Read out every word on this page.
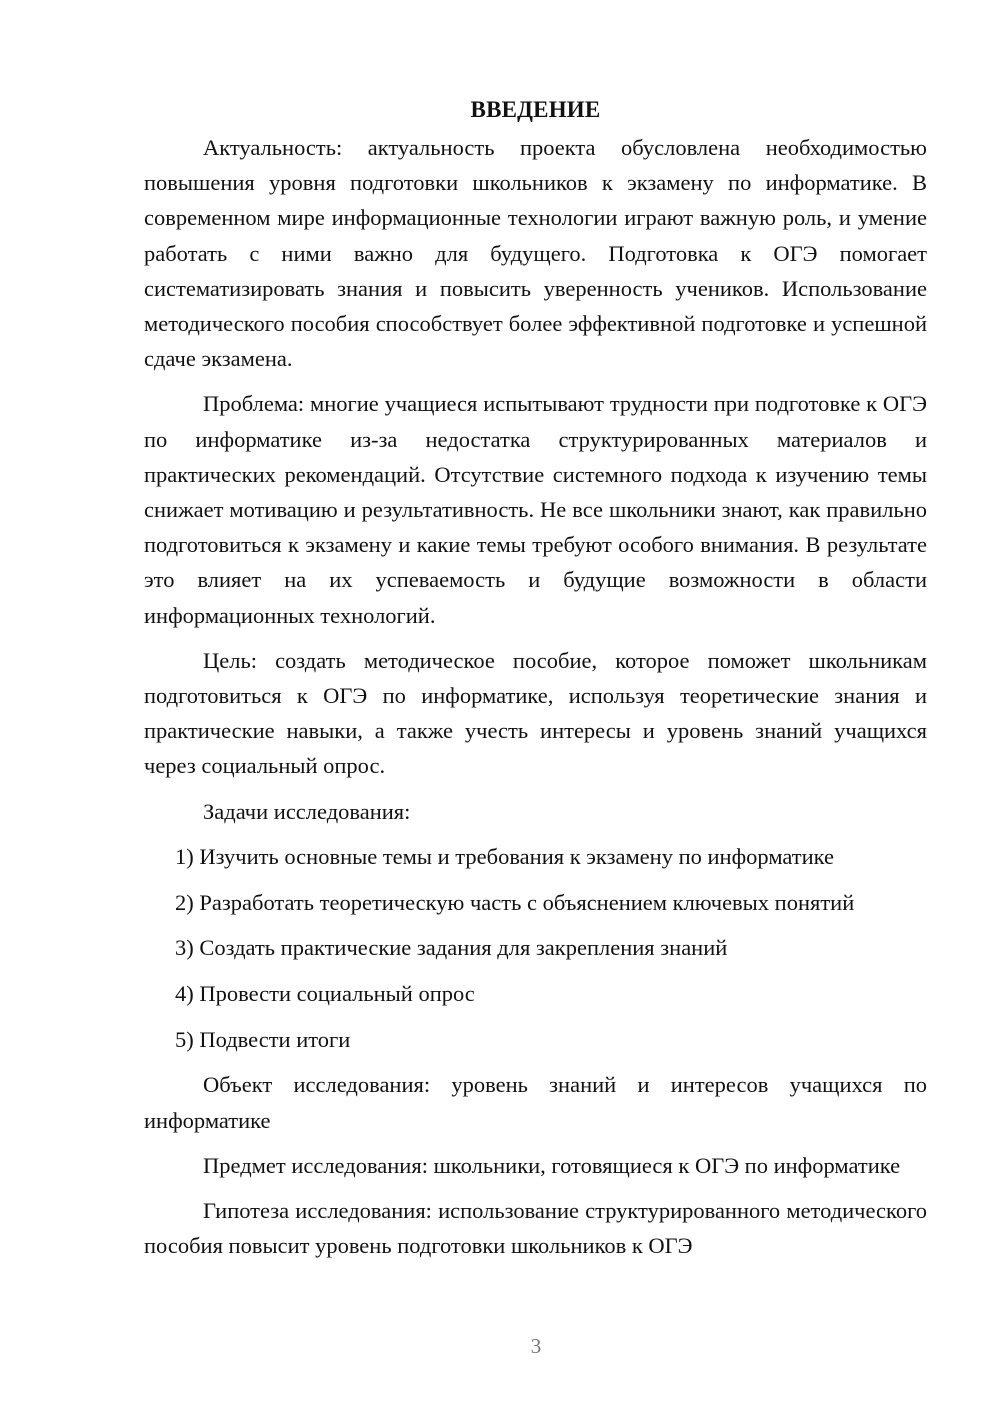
ВВЕДЕНИЕ

Актуальность: актуальность проекта обусловлена необходимостью повышения уровня подготовки школьников к экзамену по информатике. В современном мире информационные технологии играют важную роль, и умение работать с ними важно для будущего. Подготовка к ОГЭ помогает систематизировать знания и повысить уверенность учеников. Использование методического пособия способствует более эффективной подготовке и успешной сдаче экзамена.

Проблема: многие учащиеся испытывают трудности при подготовке к ОГЭ по информатике из-за недостатка структурированных материалов и практических рекомендаций. Отсутствие системного подхода к изучению темы снижает мотивацию и результативность. Не все школьники знают, как правильно подготовиться к экзамену и какие темы требуют особого внимания. В результате это влияет на их успеваемость и будущие возможности в области информационных технологий.

Цель: создать методическое пособие, которое поможет школьникам подготовиться к ОГЭ по информатике, используя теоретические знания и практические навыки, а также учесть интересы и уровень знаний учащихся через социальный опрос.

Задачи исследования:

1) Изучить основные темы и требования к экзамену по информатике
2) Разработать теоретическую часть с объяснением ключевых понятий
3) Создать практические задания для закрепления знаний
4) Провести социальный опрос
5) Подвести итоги

Объект исследования: уровень знаний и интересов учащихся по информатике

Предмет исследования: школьники, готовящиеся к ОГЭ по информатике

Гипотеза исследования: использование структурированного методического пособия повысит уровень подготовки школьников к ОГЭ

3
